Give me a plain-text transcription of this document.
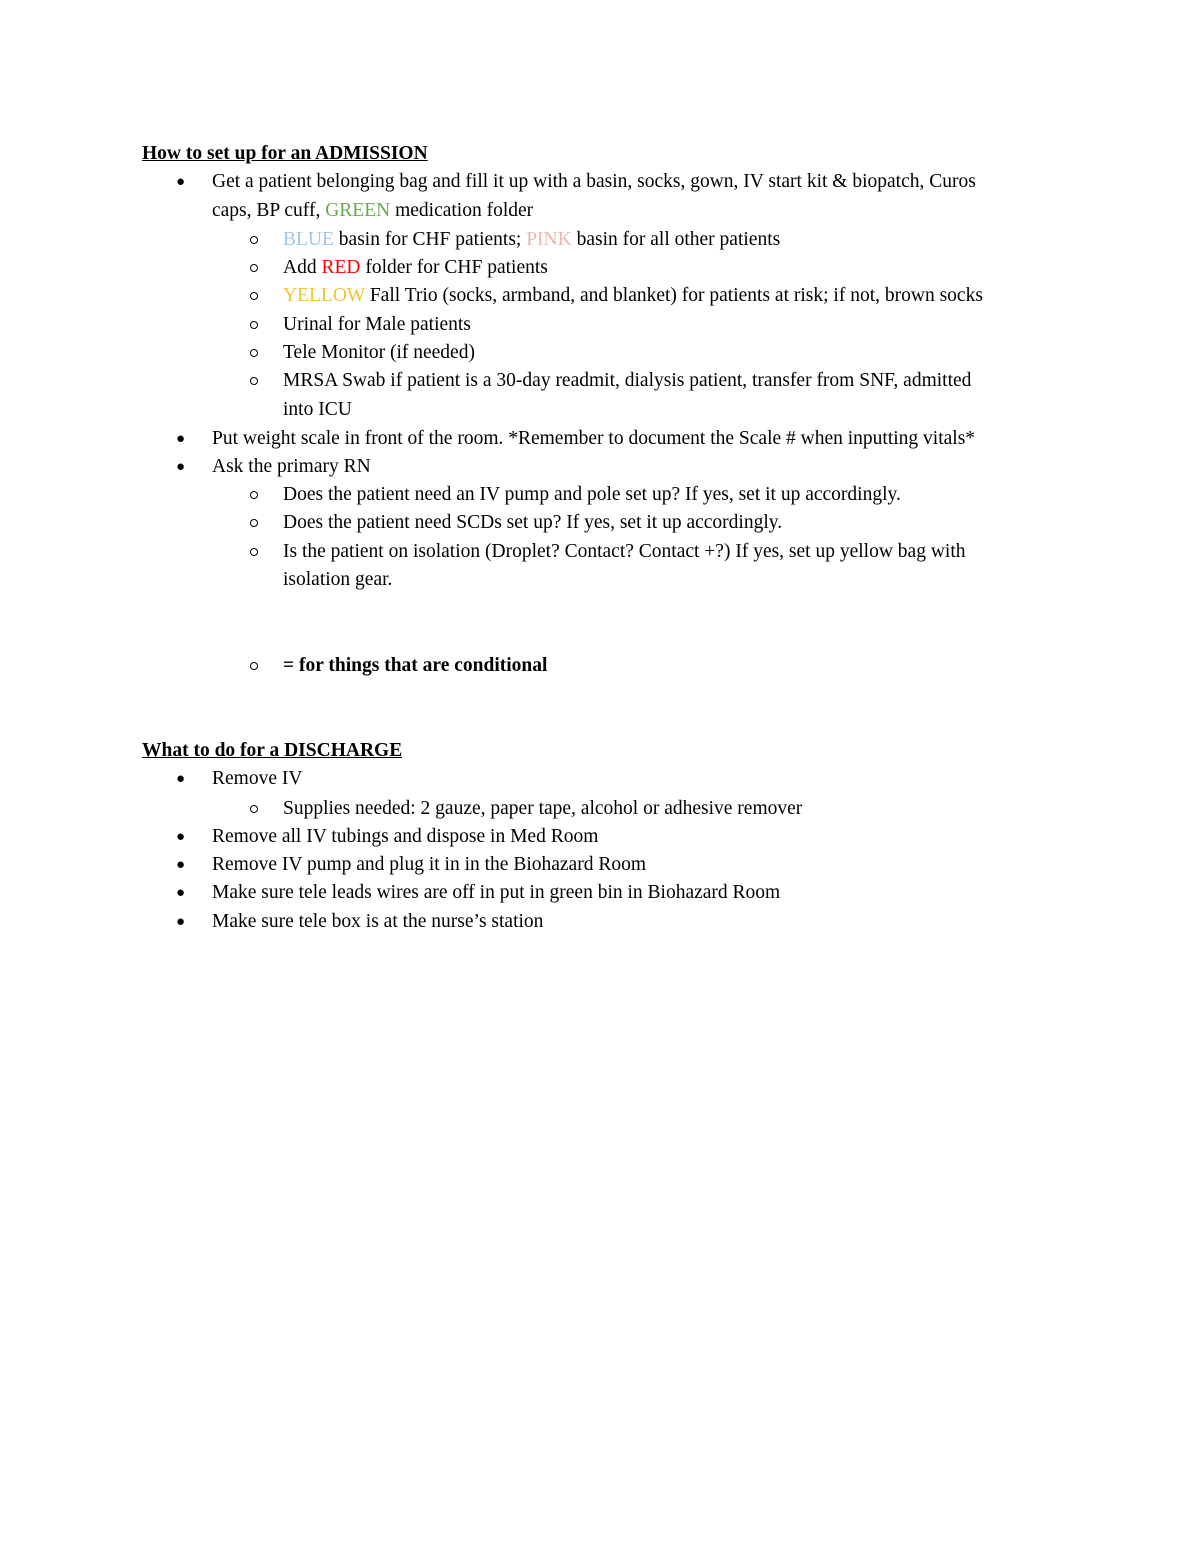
How to set up for an ADMISSION
● Get a patient belonging bag and fill it up with a basin, socks, gown, IV start kit & biopatch, Curos
caps, BP cuff, GREEN medication folder
BLUE basin for CHF patients; PINK basin for all other patients
Add RED folder for CHF patients
YELLOW Fall Trio (socks, armband, and blanket) for patients at risk; if not, brown socks
Urinal for Male patients
Tele Monitor (if needed)
MRSA Swab if patient is a 30-day readmit, dialysis patient, transfer from SNF, admitted
into ICU
● Put weight scale in front of the room. *Remember to document the Scale # when inputting vitals*
● Ask the primary RN
Does the patient need an IV pump and pole set up? If yes, set it up accordingly.
Does the patient need SCDs set up? If yes, set it up accordingly.
Is the patient on isolation (Droplet? Contact? Contact +?) If yes, set up yellow bag with
isolation gear.
= for things that are conditional
What to do for a DISCHARGE
● Remove IV
Supplies needed: 2 gauze, paper tape, alcohol or adhesive remover
● Remove all IV tubings and dispose in Med Room
● Remove IV pump and plug it in in the Biohazard Room
● Make sure tele leads wires are off in put in green bin in Biohazard Room
● Make sure tele box is at the nurse’s station
